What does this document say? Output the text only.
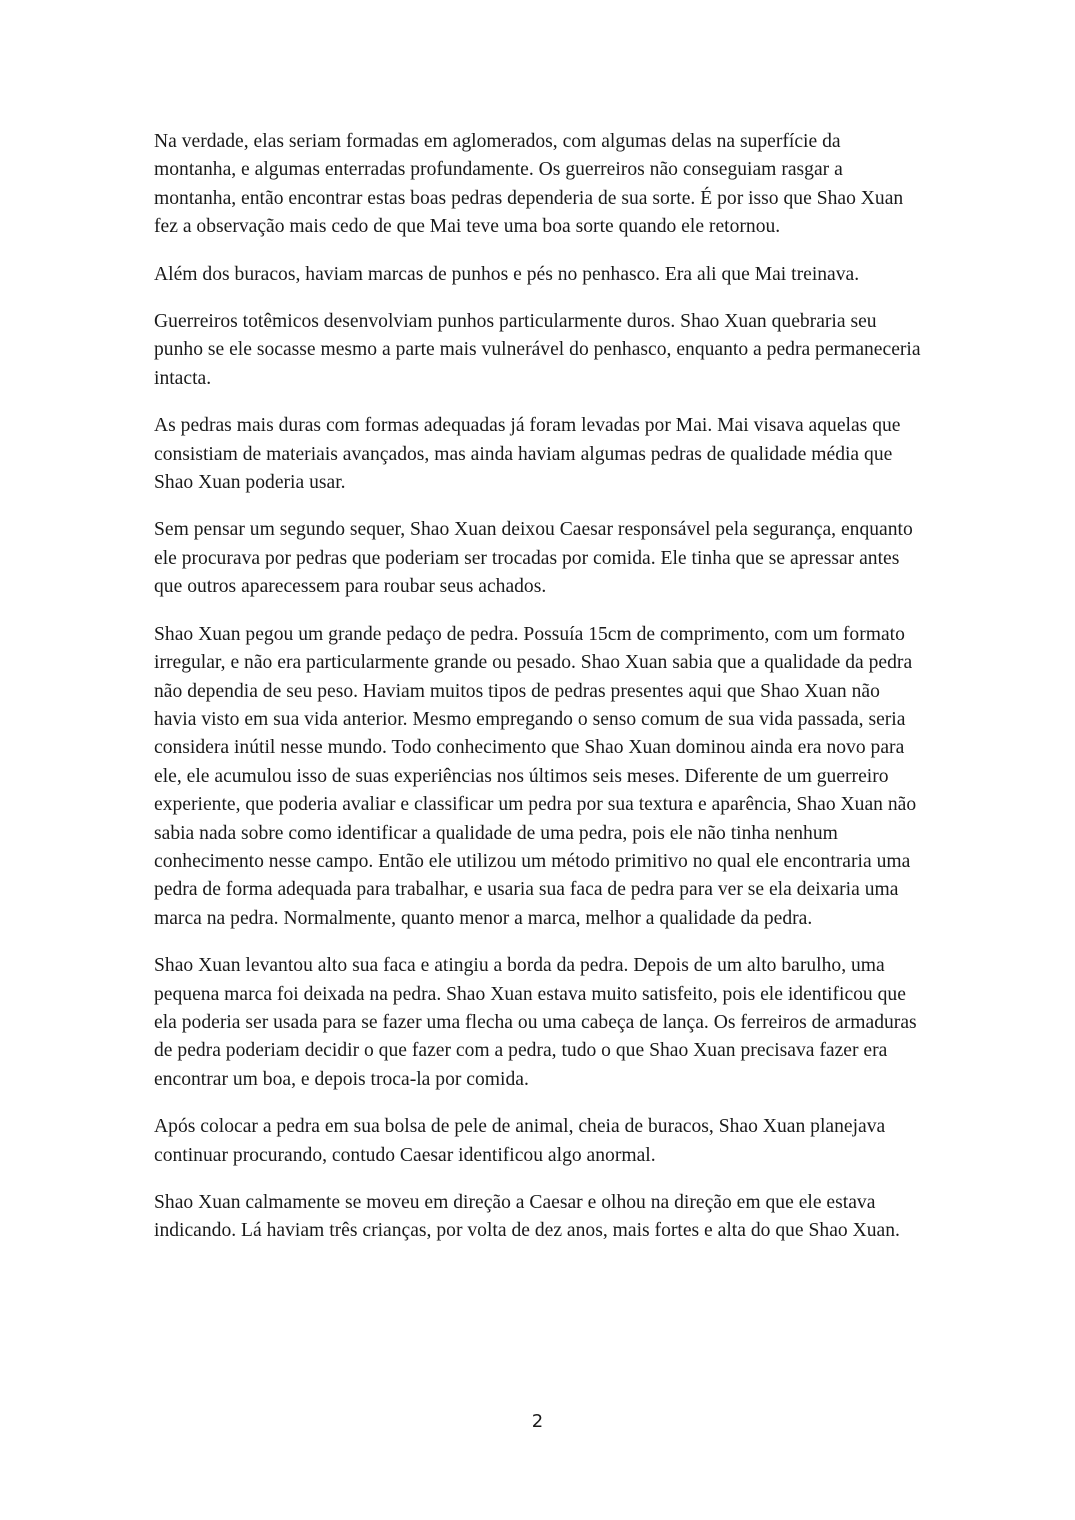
Na verdade, elas seriam formadas em aglomerados, com algumas delas na superfície da montanha, e algumas enterradas profundamente. Os guerreiros não conseguiam rasgar a montanha, então encontrar estas boas pedras dependeria de sua sorte. É por isso que Shao Xuan fez a observação mais cedo de que Mai teve uma boa sorte quando ele retornou.

Além dos buracos, haviam marcas de punhos e pés no penhasco. Era ali que Mai treinava.

Guerreiros totêmicos desenvolviam punhos particularmente duros. Shao Xuan quebraria seu punho se ele socasse mesmo a parte mais vulnerável do penhasco, enquanto a pedra permaneceria intacta.

As pedras mais duras com formas adequadas já foram levadas por Mai. Mai visava aquelas que consistiam de materiais avançados, mas ainda haviam algumas pedras de qualidade média que Shao Xuan poderia usar.

Sem pensar um segundo sequer, Shao Xuan deixou Caesar responsável pela segurança, enquanto ele procurava por pedras que poderiam ser trocadas por comida. Ele tinha que se apressar antes que outros aparecessem para roubar seus achados.

Shao Xuan pegou um grande pedaço de pedra. Possuía 15cm de comprimento, com um formato irregular, e não era particularmente grande ou pesado. Shao Xuan sabia que a qualidade da pedra não dependia de seu peso. Haviam muitos tipos de pedras presentes aqui que Shao Xuan não havia visto em sua vida anterior. Mesmo empregando o senso comum de sua vida passada, seria considera inútil nesse mundo. Todo conhecimento que Shao Xuan dominou ainda era novo para ele, ele acumulou isso de suas experiências nos últimos seis meses. Diferente de um guerreiro experiente, que poderia avaliar e classificar um pedra por sua textura e aparência, Shao Xuan não sabia nada sobre como identificar a qualidade de uma pedra, pois ele não tinha nenhum conhecimento nesse campo. Então ele utilizou um método primitivo no qual ele encontraria uma pedra de forma adequada para trabalhar, e usaria sua faca de pedra para ver se ela deixaria uma marca na pedra. Normalmente, quanto menor a marca, melhor a qualidade da pedra.

Shao Xuan levantou alto sua faca e atingiu a borda da pedra. Depois de um alto barulho, uma pequena marca foi deixada na pedra. Shao Xuan estava muito satisfeito, pois ele identificou que ela poderia ser usada para se fazer uma flecha ou uma cabeça de lança. Os ferreiros de armaduras de pedra poderiam decidir o que fazer com a pedra, tudo o que Shao Xuan precisava fazer era encontrar um boa, e depois troca-la por comida.

Após colocar a pedra em sua bolsa de pele de animal, cheia de buracos, Shao Xuan planejava continuar procurando, contudo Caesar identificou algo anormal.

Shao Xuan calmamente se moveu em direção a Caesar e olhou na direção em que ele estava indicando. Lá haviam três crianças, por volta de dez anos, mais fortes e alta do que Shao Xuan.

2
